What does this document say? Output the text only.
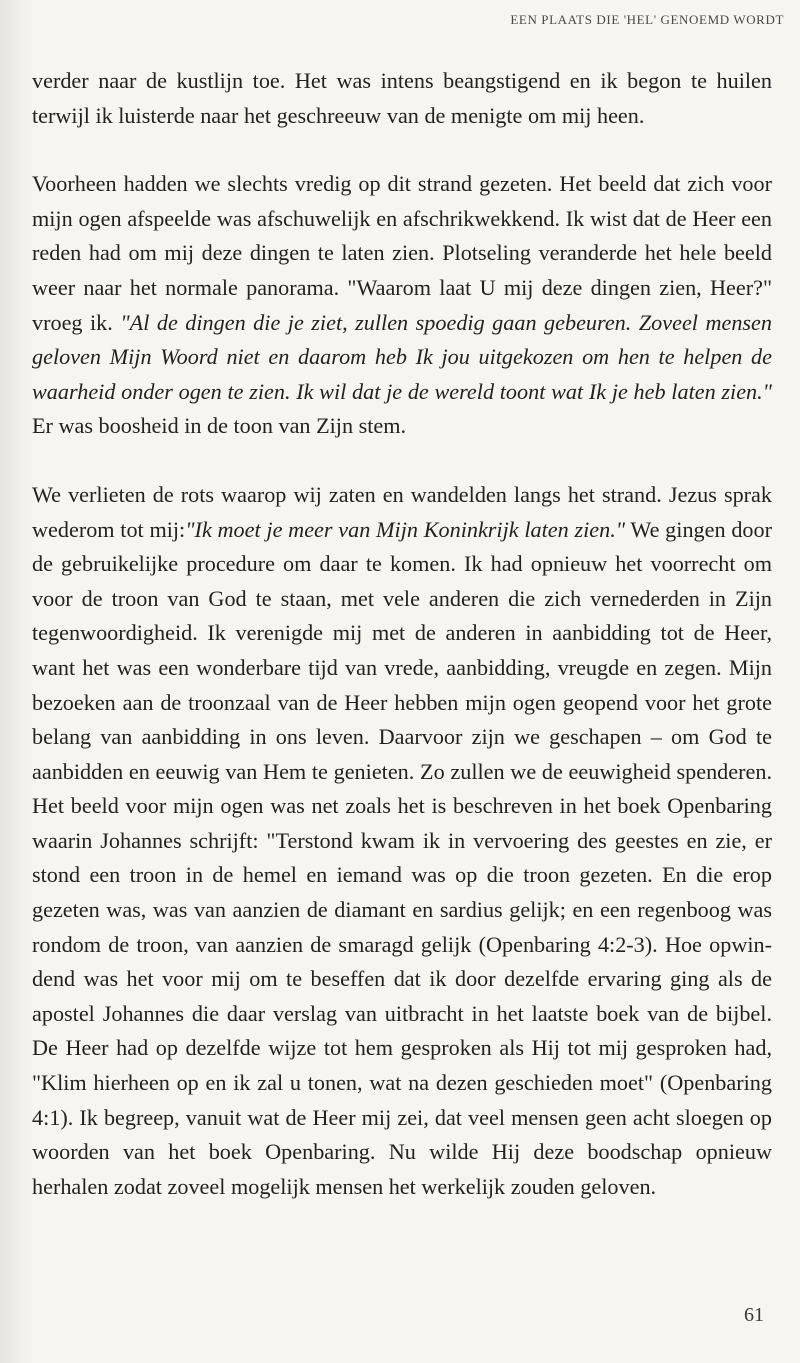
EEN PLAATS DIE 'HEL' GENOEMD WORDT

verder naar de kustlijn toe. Het was intens beangstigend en ik begon te huilen terwijl ik luisterde naar het geschreeuw van de menigte om mij heen.

Voorheen hadden we slechts vredig op dit strand gezeten. Het beeld dat zich voor mijn ogen afspeelde was afschuwelijk en afschrikwekkend. Ik wist dat de Heer een reden had om mij deze dingen te laten zien. Plotseling veranderde het hele beeld weer naar het normale panorama. "Waarom laat U mij deze dingen zien, Heer?" vroeg ik. "Al de dingen die je ziet, zullen spoedig gaan gebeuren. Zoveel mensen geloven Mijn Woord niet en daarom heb Ik jou uitgekozen om hen te helpen de waarheid onder ogen te zien. Ik wil dat je de wereld toont wat Ik je heb laten zien." Er was boosheid in de toon van Zijn stem.

We verlieten de rots waarop wij zaten en wandelden langs het strand. Jezus sprak wederom tot mij:"Ik moet je meer van Mijn Koninkrijk laten zien." We gingen door de gebruikelijke procedure om daar te komen. Ik had opnieuw het voorrecht om voor de troon van God te staan, met vele anderen die zich vernederden in Zijn tegenwoordigheid. Ik verenigde mij met de anderen in aanbidding tot de Heer, want het was een wonderbare tijd van vrede, aanbidding, vreugde en zegen. Mijn bezoeken aan de troonzaal van de Heer hebben mijn ogen geopend voor het grote belang van aanbidding in ons leven. Daarvoor zijn we geschapen – om God te aanbidden en eeuwig van Hem te genieten. Zo zullen we de eeuwigheid spenderen. Het beeld voor mijn ogen was net zoals het is beschreven in het boek Openbaring waarin Johannes schrijft: "Terstond kwam ik in vervoering des geestes en zie, er stond een troon in de hemel en iemand was op die troon gezeten. En die erop gezeten was, was van aanzien de diamant en sardius gelijk; en een regenboog was rondom de troon, van aanzien de smaragd gelijk (Openbaring 4:2-3). Hoe opwindend was het voor mij om te beseffen dat ik door dezelfde ervaring ging als de apostel Johannes die daar verslag van uitbracht in het laatste boek van de bijbel. De Heer had op dezelfde wijze tot hem gesproken als Hij tot mij gesproken had, "Klim hierheen op en ik zal u tonen, wat na dezen geschieden moet" (Openbaring 4:1). Ik begreep, vanuit wat de Heer mij zei, dat veel mensen geen acht sloegen op woorden van het boek Openbaring. Nu wilde Hij deze boodschap opnieuw herhalen zodat zoveel mogelijk mensen het werkelijk zouden geloven.

61
